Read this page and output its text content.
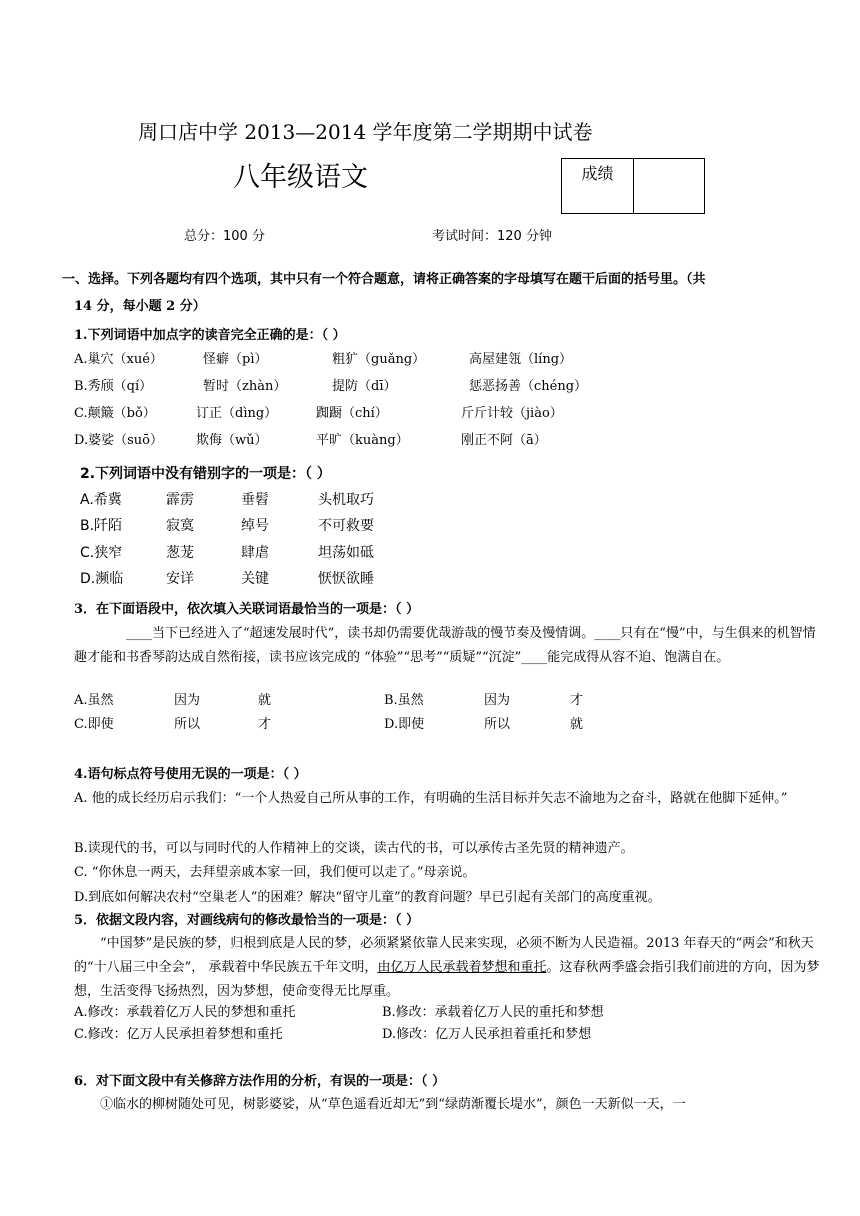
周口店中学 2013—2014 学年度第二学期期中试卷
八年级语文	成绩
总分：100 分	考试时间：120 分钟
一、选择。下列各题均有四个选项，其中只有一个符合题意，请将正确答案的字母填写在题干后面的括号里。（共
14 分，每小题 2 分）
1.下列词语中加点字的读音完全正确的是：（ ）
A.巢穴（xué）	怪癖（pì）	粗犷（guǎng）	高屋建瓴（líng）
B.秀颀（qí）	暂时（zhàn）	提防（dī）	惩恶扬善（chéng）
C.颠簸（bǒ）	订正（dìng）	踟蹰（chí）	斤斤计较（jiào）
D.婆娑（suō）	欺侮（wǔ）	平旷（kuàng）	刚正不阿（ā）
2.下列词语中没有错别字的一项是：（ ）
A.希冀	霹雳	垂髫	头机取巧
B.阡陌	寂寞	绰号	不可救要
C.狭窄	葱茏	肆虐	坦荡如砥
D.濒临	安详	关键	恹恹欲睡
3．在下面语段中，依次填入关联词语最恰当的一项是：（ ）
____当下已经进入了“超速发展时代”，读书却仍需要优哉游哉的慢节奏及慢情调。____只有在“慢”中，与生俱来的机智情趣才能和书香琴韵达成自然衔接，读书应该完成的 “体验”“思考”“质疑”“沉淀”____能完成得从容不迫、饱满自在。
A.虽然	因为	就	B.虽然	因为	才
C.即使	所以	才	D.即使	所以	就
4.语句标点符号使用无误的一项是：（ ）
A. 他的成长经历启示我们：“一个人热爱自己所从事的工作，有明确的生活目标并矢志不渝地为之奋斗，路就在他脚下延伸。”
B.读现代的书，可以与同时代的人作精神上的交谈，读古代的书，可以承传古圣先贤的精神遗产。
C. “你休息一两天，去拜望亲戚本家一回，我们便可以走了。”母亲说。
D.到底如何解决农村“空巢老人”的困难？解决“留守儿童”的教育问题？早已引起有关部门的高度重视。
5．依据文段内容，对画线病句的修改最恰当的一项是：（ ）
“中国梦”是民族的梦，归根到底是人民的梦，必须紧紧依靠人民来实现，必须不断为人民造福。2013 年春天的“两会”和秋天的“十八届三中全会”， 承载着中华民族五千年文明，由亿万人民承载着梦想和重托。这春秋两季盛会指引我们前进的方向，因为梦想，生活变得飞扬热烈，因为梦想，使命变得无比厚重。
A.修改：承载着亿万人民的梦想和重托	B.修改：承载着亿万人民的重托和梦想
C.修改：亿万人民承担着梦想和重托	D.修改：亿万人民承担着重托和梦想
6．对下面文段中有关修辞方法作用的分析，有误的一项是：（ ）
①临水的柳树随处可见，树影婆娑，从“草色遥看近却无”到“绿荫渐覆长堤水”，颜色一天新似一天，一
